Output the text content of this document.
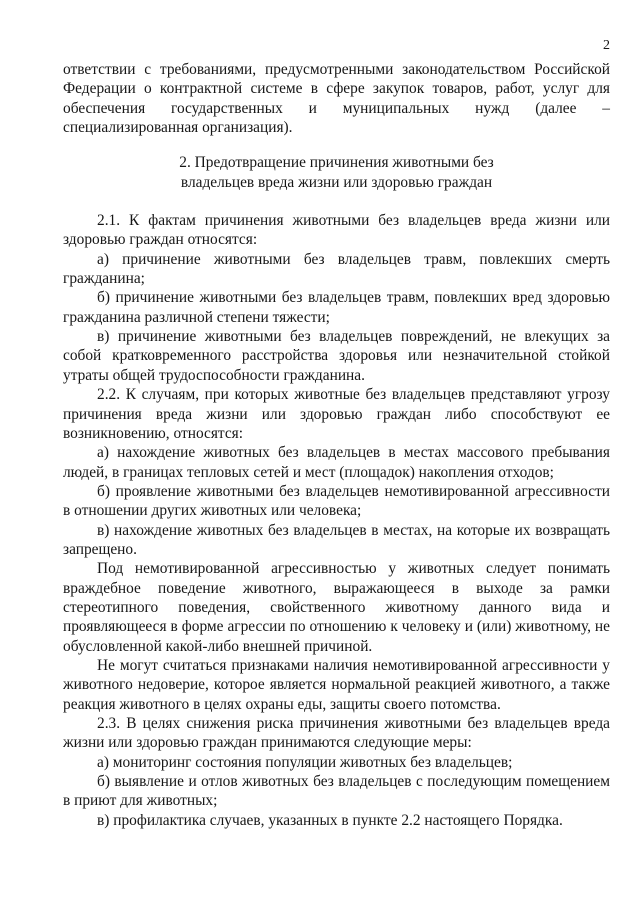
2

ответствии с требованиями, предусмотренными законодательством Российской Федерации о контрактной системе в сфере закупок товаров, работ, услуг для обеспечения государственных и муниципальных нужд (далее – специализированная организация).

2. Предотвращение причинения животными без
владельцев вреда жизни или здоровью граждан

2.1. К фактам причинения животными без владельцев вреда жизни или здоровью граждан относятся:

а) причинение животными без владельцев травм, повлекших смерть гражданина;

б) причинение животными без владельцев травм, повлекших вред здоровью гражданина различной степени тяжести;

в) причинение животными без владельцев повреждений, не влекущих за собой кратковременного расстройства здоровья или незначительной стойкой утраты общей трудоспособности гражданина.

2.2. К случаям, при которых животные без владельцев представляют угрозу причинения вреда жизни или здоровью граждан либо способствуют ее возникновению, относятся:

а) нахождение животных без владельцев в местах массового пребывания людей, в границах тепловых сетей и мест (площадок) накопления отходов;

б) проявление животными без владельцев немотивированной агрессивности в отношении других животных или человека;

в) нахождение животных без владельцев в местах, на которые их возвращать запрещено.

Под немотивированной агрессивностью у животных следует понимать враждебное поведение животного, выражающееся в выходе за рамки стереотипного поведения, свойственного животному данного вида и проявляющееся в форме агрессии по отношению к человеку и (или) животному, не обусловленной какой-либо внешней причиной.

Не могут считаться признаками наличия немотивированной агрессивности у животного недоверие, которое является нормальной реакцией животного, а также реакция животного в целях охраны еды, защиты своего потомства.

2.3. В целях снижения риска причинения животными без владельцев вреда жизни или здоровью граждан принимаются следующие меры:

а) мониторинг состояния популяции животных без владельцев;

б) выявление и отлов животных без владельцев с последующим помещением в приют для животных;

в) профилактика случаев, указанных в пункте 2.2 настоящего Порядка.
